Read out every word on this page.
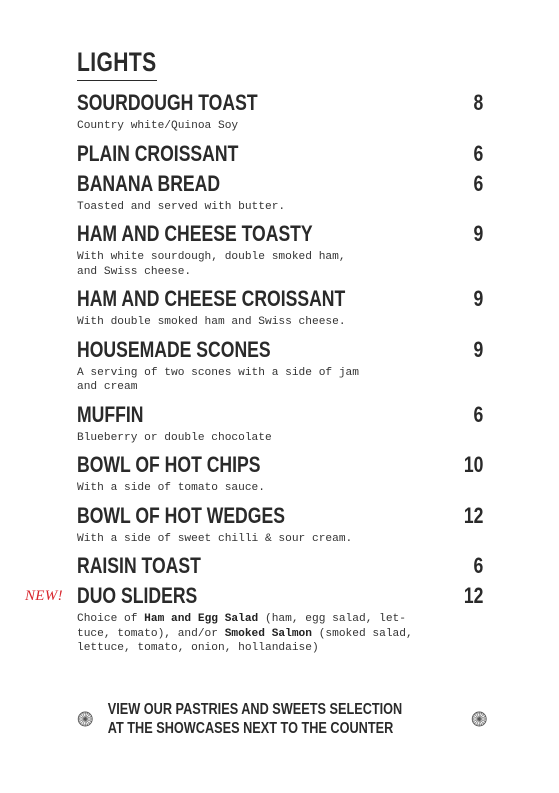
LIGHTS
SOURDOUGH TOAST	8
Country white/Quinoa Soy
PLAIN CROISSANT	6
BANANA BREAD	6
Toasted and served with butter.
HAM AND CHEESE TOASTY	9
With white sourdough, double smoked ham,
and Swiss cheese.
HAM AND CHEESE CROISSANT	9
With double smoked ham and Swiss cheese.
HOUSEMADE SCONES	9
A serving of two scones with a side of jam
and cream
MUFFIN	6
Blueberry or double chocolate
BOWL OF HOT CHIPS	10
With a side of tomato sauce.
BOWL OF HOT WEDGES	12
With a side of sweet chilli & sour cream.
RAISIN TOAST	6
NEW! DUO SLIDERS	12
Choice of Ham and Egg Salad (ham, egg salad, let-
tuce, tomato), and/or Smoked Salmon (smoked salad,
lettuce, tomato, onion, hollandaise)
VIEW OUR PASTRIES AND SWEETS SELECTION
AT THE SHOWCASES NEXT TO THE COUNTER
